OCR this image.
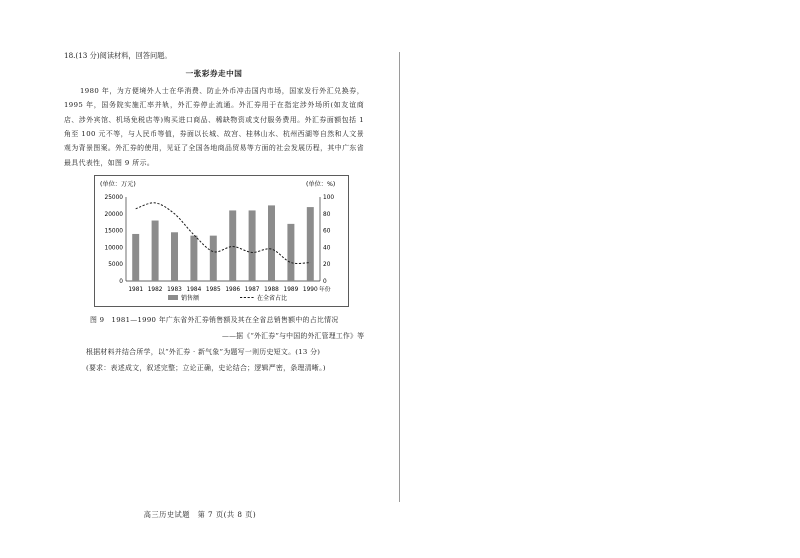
18.(13 分)阅读材料，回答问题。
一张彩券走中国
1980 年，为方便境外人士在华消费、防止外币冲击国内市场，国家发行外汇兑换券，1995 年，国务院实施汇率并轨，外汇券停止流通。外汇券用于在指定涉外场所(如友谊商店、涉外宾馆、机场免税店等)购买进口商品、稀缺物资或支付服务费用。外汇券面额包括 1 角至 100 元不等，与人民币等值，券面以长城、故宫、桂林山水、杭州西湖等自然和人文景观为背景图案。外汇券的使用，见证了全国各地商品贸易等方面的社会发展历程，其中广东省最具代表性，如图 9 所示。
(单位：万元)	(单位：%)
0
5000
10000
15000
20000
25000
0
20
40
60
80
100
1981 1982 1983 1984 1985 1986 1987 1988 1989 1990 年份
销售额	在全省占比
图 9　1981—1990 年广东省外汇券销售额及其在全省总销售额中的占比情况
——据《“外汇券”与中国的外汇管理工作》等
根据材料并结合所学，以“外汇券 · 新气象”为题写一则历史短文。(13 分)
(要求：表述成文，叙述完整；立论正确，史论结合；逻辑严密，条理清晰。)
高三历史试题　第 7 页(共 8 页)
